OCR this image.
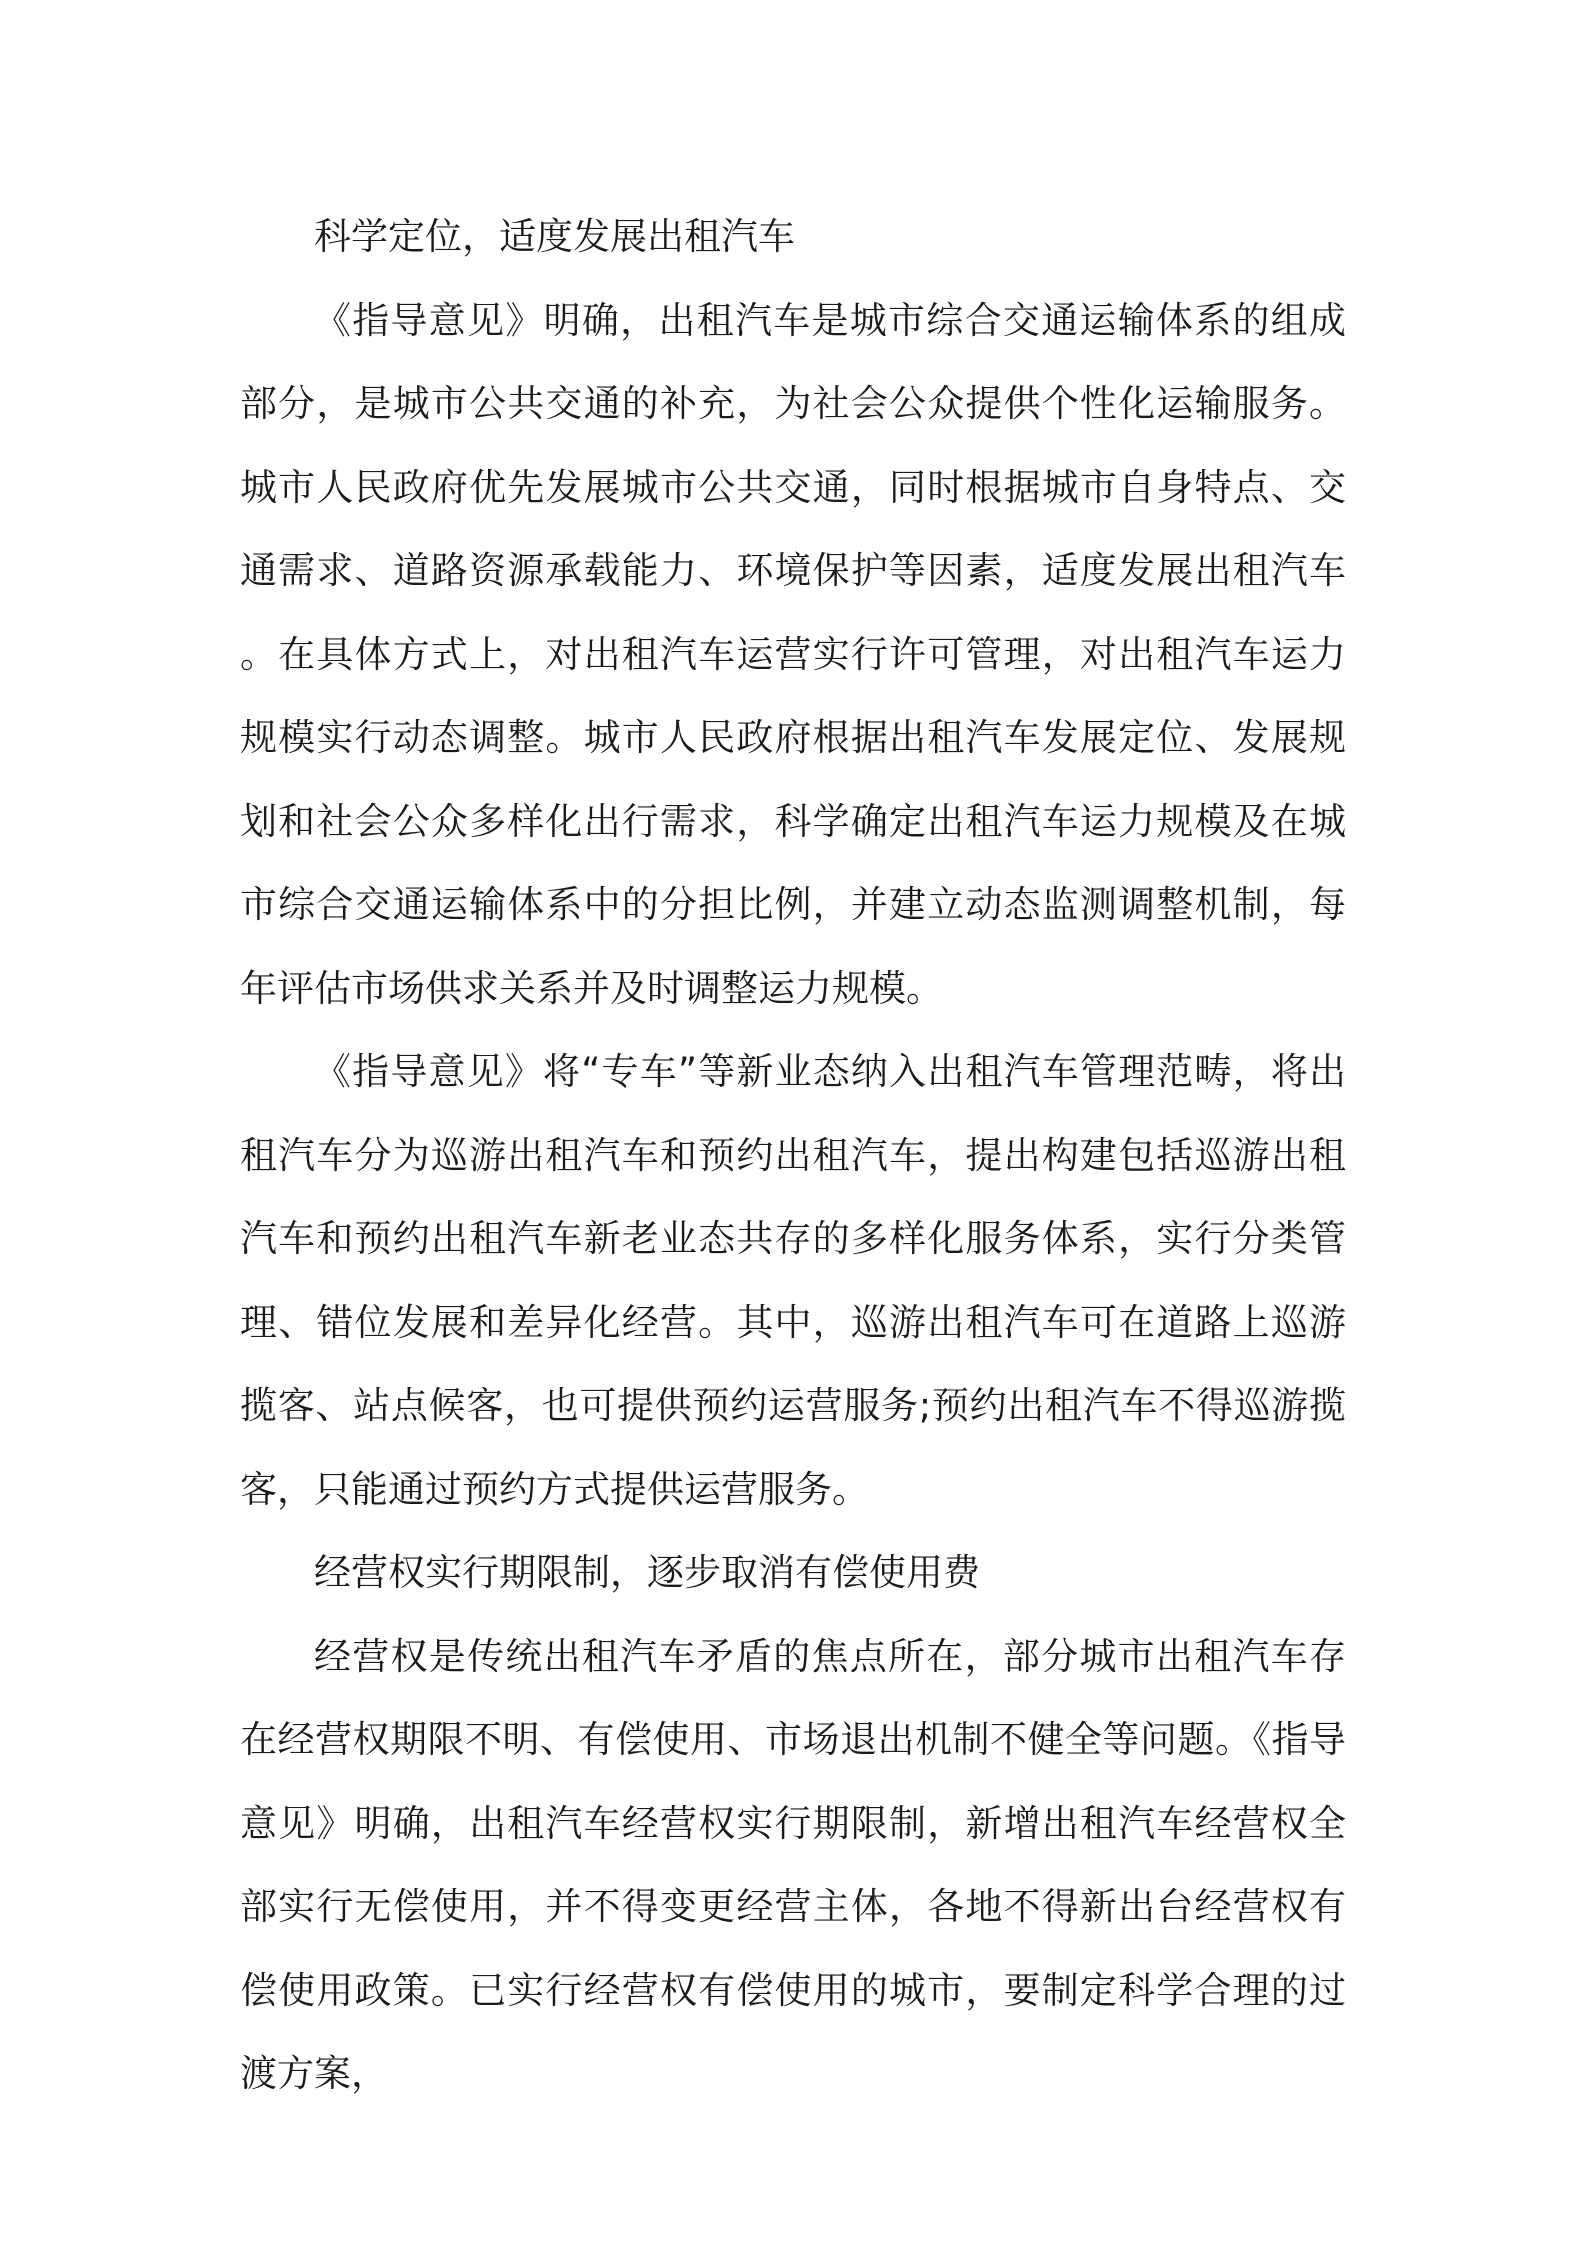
科学定位，适度发展出租汽车

《指导意见》明确，出租汽车是城市综合交通运输体系的组成部分，是城市公共交通的补充，为社会公众提供个性化运输服务。城市人民政府优先发展城市公共交通，同时根据城市自身特点、交通需求、道路资源承载能力、环境保护等因素，适度发展出租汽车。在具体方式上，对出租汽车运营实行许可管理，对出租汽车运力规模实行动态调整。城市人民政府根据出租汽车发展定位、发展规划和社会公众多样化出行需求，科学确定出租汽车运力规模及在城市综合交通运输体系中的分担比例，并建立动态监测调整机制，每年评估市场供求关系并及时调整运力规模。

《指导意见》将“专车”等新业态纳入出租汽车管理范畴，将出租汽车分为巡游出租汽车和预约出租汽车，提出构建包括巡游出租汽车和预约出租汽车新老业态共存的多样化服务体系，实行分类管理、错位发展和差异化经营。其中，巡游出租汽车可在道路上巡游揽客、站点候客，也可提供预约运营服务;预约出租汽车不得巡游揽客，只能通过预约方式提供运营服务。

经营权实行期限制，逐步取消有偿使用费

经营权是传统出租汽车矛盾的焦点所在，部分城市出租汽车存在经营权期限不明、有偿使用、市场退出机制不健全等问题。《指导意见》明确，出租汽车经营权实行期限制，新增出租汽车经营权全部实行无偿使用，并不得变更经营主体，各地不得新出台经营权有偿使用政策。已实行经营权有偿使用的城市，要制定科学合理的过渡方案，
